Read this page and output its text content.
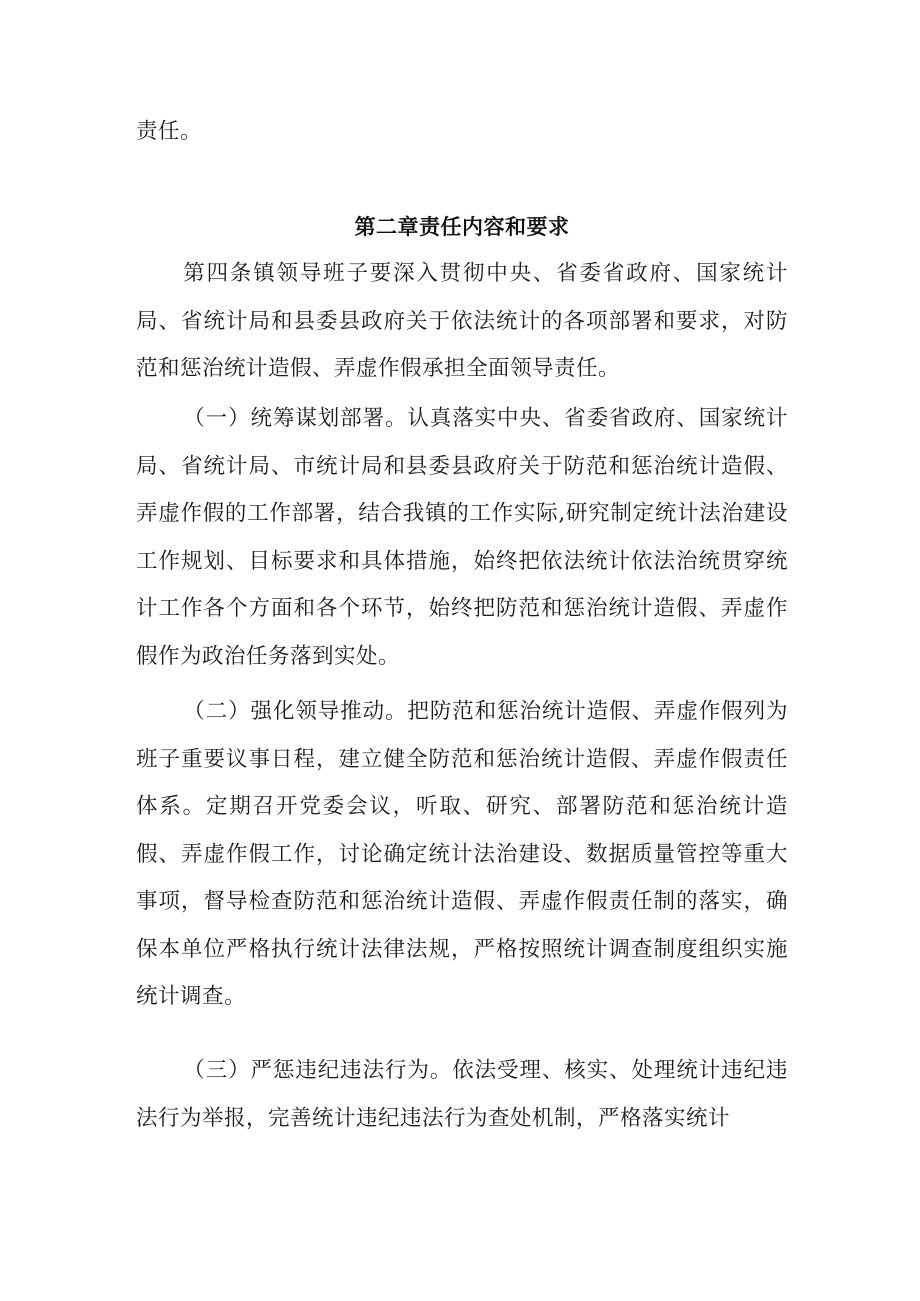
责任。

第二章责任内容和要求

第四条镇领导班子要深入贯彻中央、省委省政府、国家统计局、省统计局和县委县政府关于依法统计的各项部署和要求，对防范和惩治统计造假、弄虚作假承担全面领导责任。

（一）统筹谋划部署。认真落实中央、省委省政府、国家统计局、省统计局、市统计局和县委县政府关于防范和惩治统计造假、弄虚作假的工作部署，结合我镇的工作实际,研究制定统计法治建设工作规划、目标要求和具体措施，始终把依法统计依法治统贯穿统计工作各个方面和各个环节，始终把防范和惩治统计造假、弄虚作假作为政治任务落到实处。

（二）强化领导推动。把防范和惩治统计造假、弄虚作假列为班子重要议事日程，建立健全防范和惩治统计造假、弄虚作假责任体系。定期召开党委会议，听取、研究、部署防范和惩治统计造假、弄虚作假工作，讨论确定统计法治建设、数据质量管控等重大事项，督导检查防范和惩治统计造假、弄虚作假责任制的落实，确保本单位严格执行统计法律法规，严格按照统计调查制度组织实施统计调查。

（三）严惩违纪违法行为。依法受理、核实、处理统计违纪违法行为举报，完善统计违纪违法行为查处机制，严格落实统计
